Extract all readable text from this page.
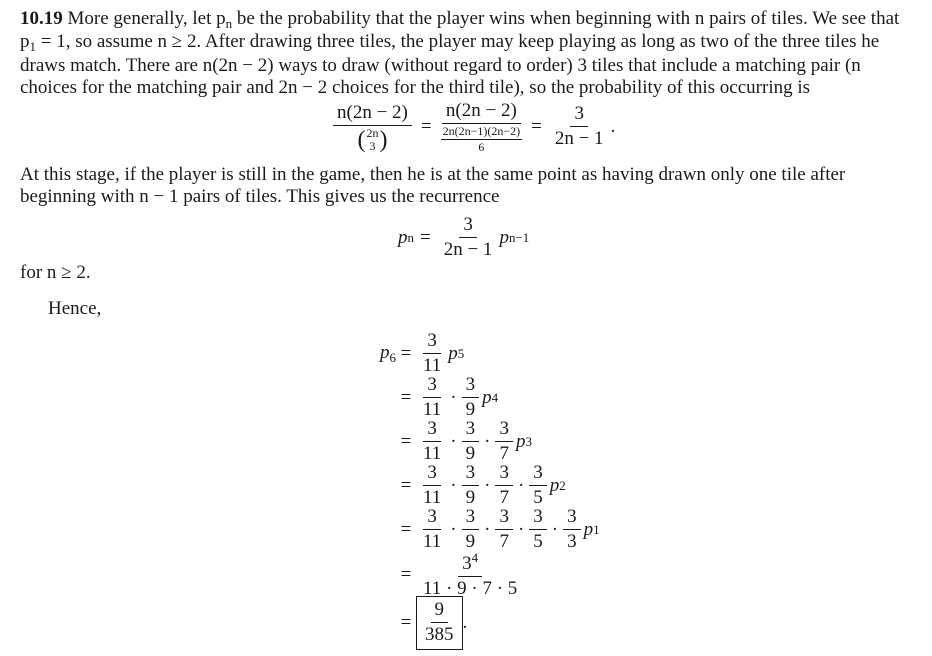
10.19 More generally, let $p_n$ be the probability that the player wins when beginning with n pairs of tiles. We see that $p_1 = 1$, so assume n ≥ 2. After drawing three tiles, the player may keep playing as long as two of the three tiles he draws match. There are n(2n − 2) ways to draw (without regard to order) 3 tiles that include a matching pair (n choices for the matching pair and 2n − 2 choices for the third tile), so the probability of this occurring is

n(2n − 2)
( 2n
3 ) = n(2n − 2)
2n(2n−1)(2n−2)
$6 = \frac{3}{2n - 1}$ .

At this stage, if the player is still in the game, then he is at the same point as having drawn only one tile after beginning with n − 1 pairs of tiles. This gives us the recurrence

p $n = \frac{3}{2n - 1}$ p n−1

for n ≥ 2.

Hence,

$p_6 = \frac{3}{11}$ p 5
= $\frac{3}{11} \cdot \frac{3}{9}$ p 4
= $\frac{3}{11} \cdot \frac{3}{9} \cdot \frac{3}{7}$ p 3
= $\frac{3}{11} \cdot \frac{3}{9} \cdot \frac{3}{7} \cdot \frac{3}{5}$ p 2
= $\frac{3}{11} \cdot \frac{3}{9} \cdot \frac{3}{7} \cdot \frac{3}{5} \cdot \frac{3}{3}$ p 1
= $\frac{3^4}{11 \cdot 9 \cdot 7 \cdot 5}$
= $\frac{9}{385}$ .
